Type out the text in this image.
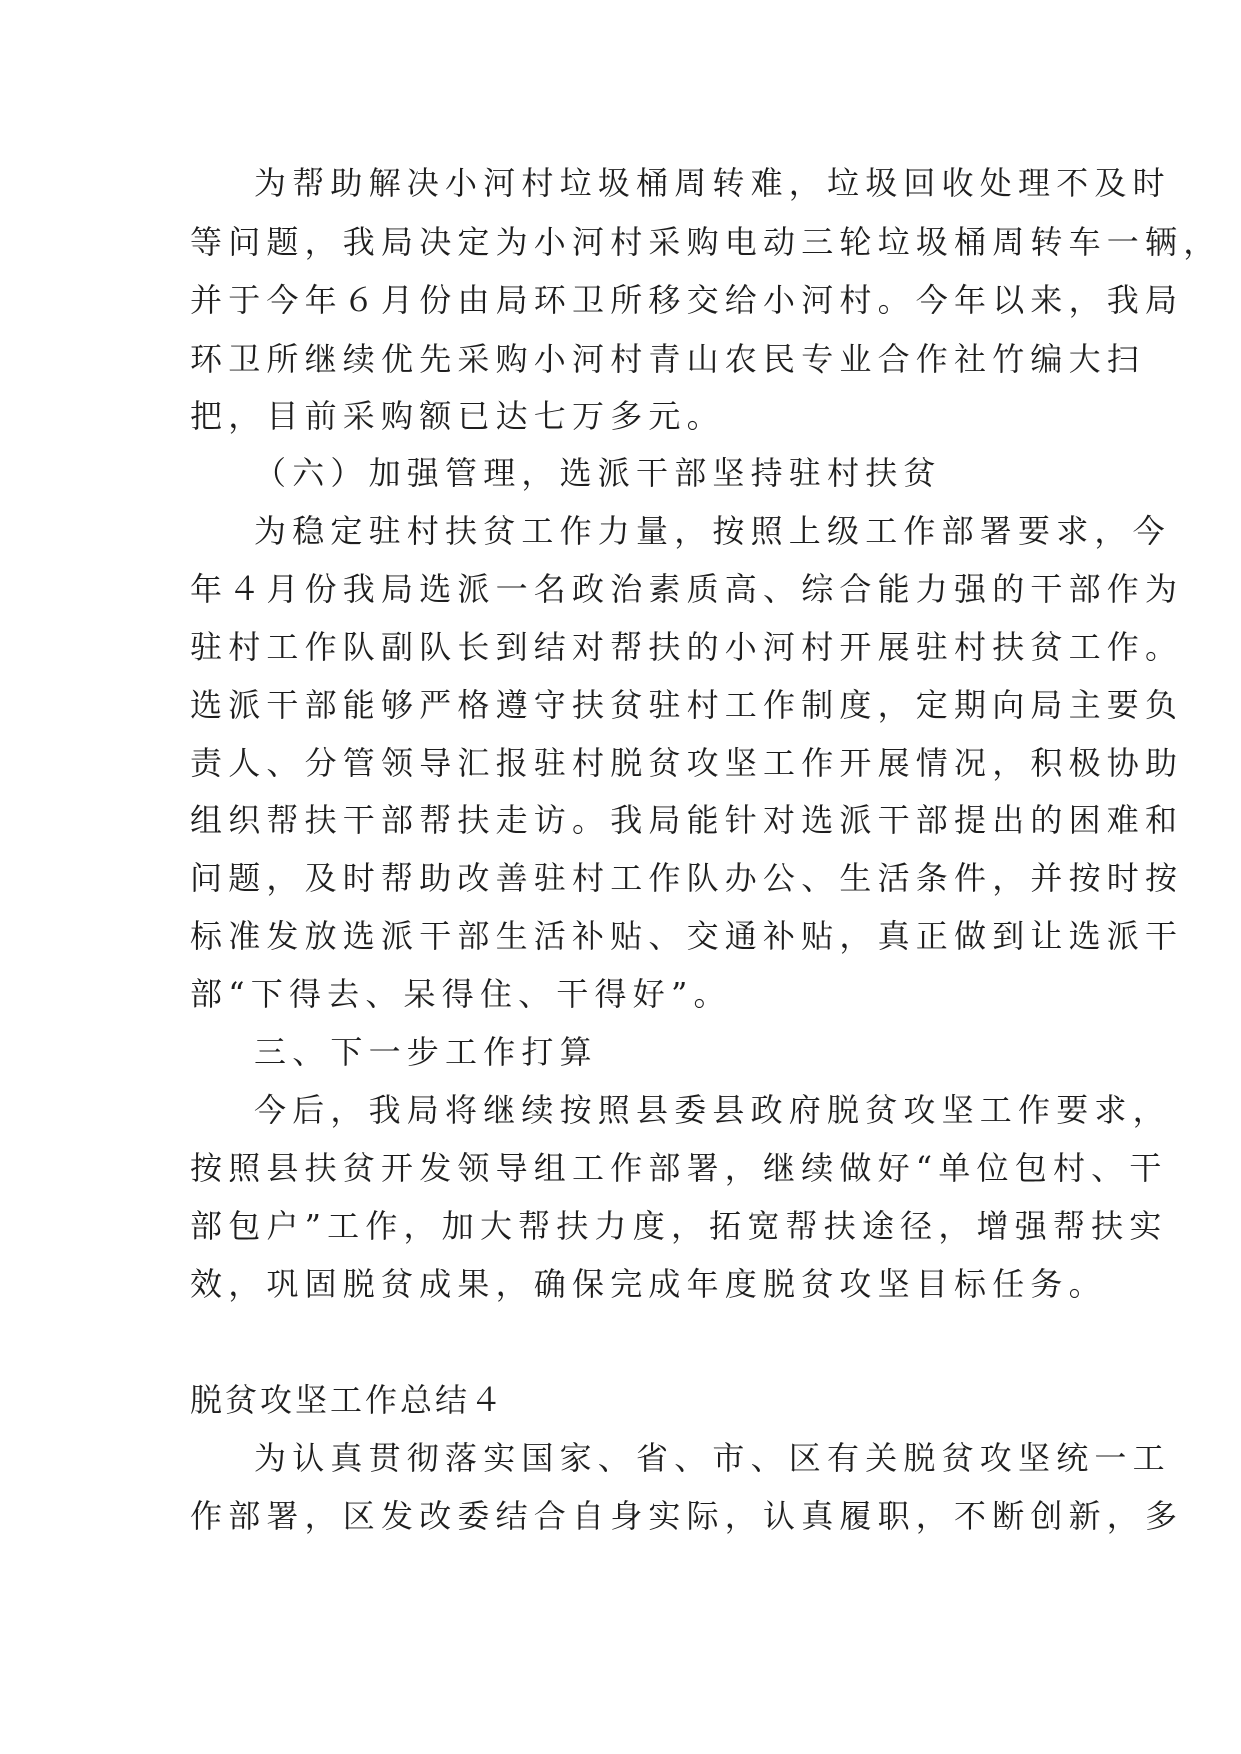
为帮助解决小河村垃圾桶周转难，垃圾回收处理不及时
等问题，我局决定为小河村采购电动三轮垃圾桶周转车一辆，
并于今年６月份由局环卫所移交给小河村。今年以来，我局
环卫所继续优先采购小河村青山农民专业合作社竹编大扫
把，目前采购额已达七万多元。
（六）加强管理，选派干部坚持驻村扶贫
为稳定驻村扶贫工作力量，按照上级工作部署要求，今
年４月份我局选派一名政治素质高、综合能力强的干部作为
驻村工作队副队长到结对帮扶的小河村开展驻村扶贫工作。
选派干部能够严格遵守扶贫驻村工作制度，定期向局主要负
责人、分管领导汇报驻村脱贫攻坚工作开展情况，积极协助
组织帮扶干部帮扶走访。我局能针对选派干部提出的困难和
问题，及时帮助改善驻村工作队办公、生活条件，并按时按
标准发放选派干部生活补贴、交通补贴，真正做到让选派干
部“下得去、呆得住、干得好”。
三、下一步工作打算
今后，我局将继续按照县委县政府脱贫攻坚工作要求，
按照县扶贫开发领导组工作部署，继续做好“单位包村、干
部包户”工作，加大帮扶力度，拓宽帮扶途径，增强帮扶实
效，巩固脱贫成果，确保完成年度脱贫攻坚目标任务。
脱贫攻坚工作总结４
为认真贯彻落实国家、省、市、区有关脱贫攻坚统一工
作部署，区发改委结合自身实际，认真履职，不断创新，多
